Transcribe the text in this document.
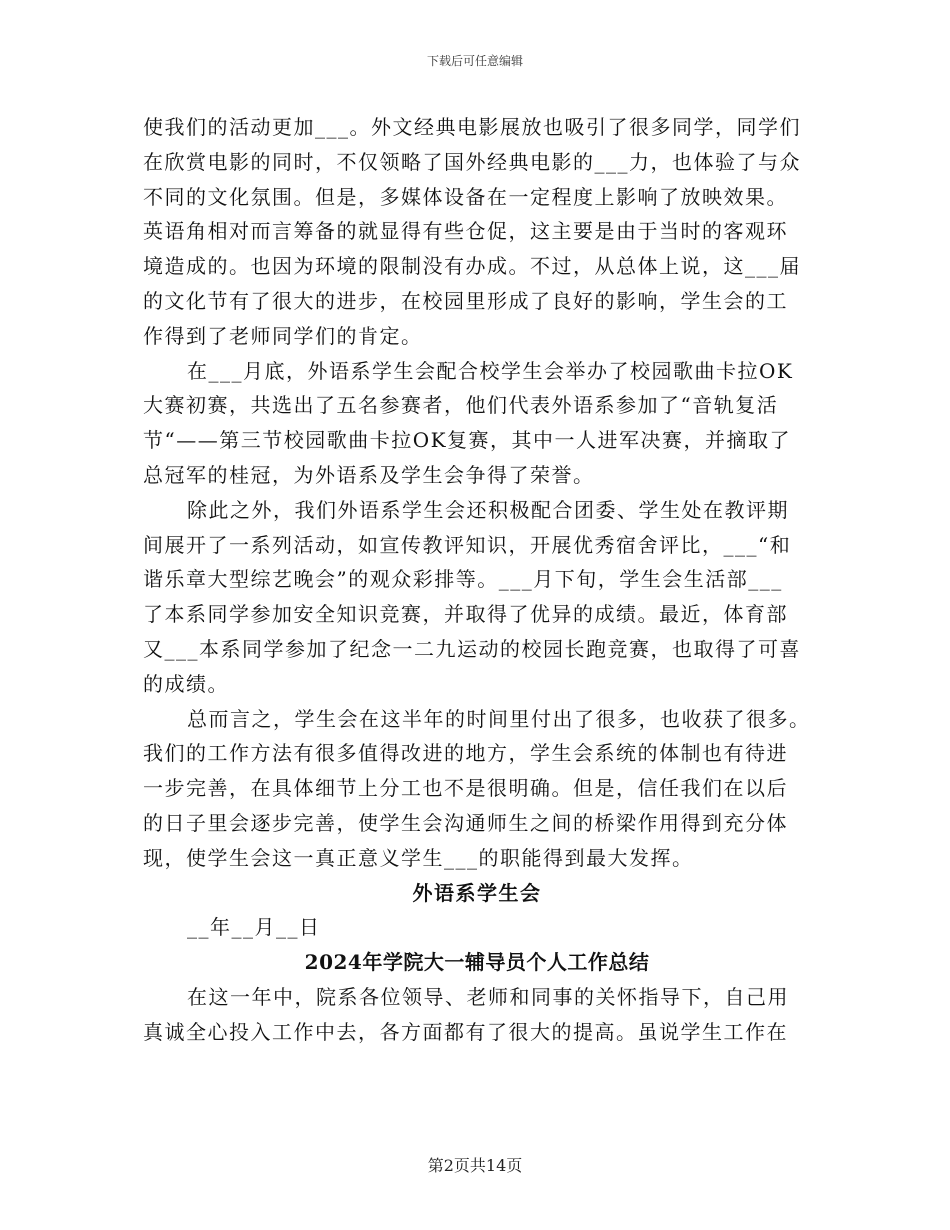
下载后可任意编辑
使我们的活动更加___。外文经典电影展放也吸引了很多同学，同学们
在欣赏电影的同时，不仅领略了国外经典电影的___力，也体验了与众
不同的文化氛围。但是，多媒体设备在一定程度上影响了放映效果。
英语角相对而言筹备的就显得有些仓促，这主要是由于当时的客观环
境造成的。也因为环境的限制没有办成。不过，从总体上说，这___届
的文化节有了很大的进步，在校园里形成了良好的影响，学生会的工
作得到了老师同学们的肯定。
在___月底，外语系学生会配合校学生会举办了校园歌曲卡拉OK
大赛初赛，共选出了五名参赛者，他们代表外语系参加了“音轨复活
节“——第三节校园歌曲卡拉OK复赛，其中一人进军决赛，并摘取了
总冠军的桂冠，为外语系及学生会争得了荣誉。
除此之外，我们外语系学生会还积极配合团委、学生处在教评期
间展开了一系列活动，如宣传教评知识，开展优秀宿舍评比，___“和
谐乐章大型综艺晚会”的观众彩排等。___月下旬，学生会生活部___
了本系同学参加安全知识竞赛，并取得了优异的成绩。最近，体育部
又___本系同学参加了纪念一二九运动的校园长跑竞赛，也取得了可喜
的成绩。
总而言之，学生会在这半年的时间里付出了很多，也收获了很多。
我们的工作方法有很多值得改进的地方，学生会系统的体制也有待进
一步完善，在具体细节上分工也不是很明确。但是，信任我们在以后
的日子里会逐步完善，使学生会沟通师生之间的桥梁作用得到充分体
现，使学生会这一真正意义学生___的职能得到最大发挥。
外语系学生会
__年__月__日
2024年学院大一辅导员个人工作总结
在这一年中，院系各位领导、老师和同事的关怀指导下，自己用
真诚全心投入工作中去，各方面都有了很大的提高。虽说学生工作在
第2页共14页
